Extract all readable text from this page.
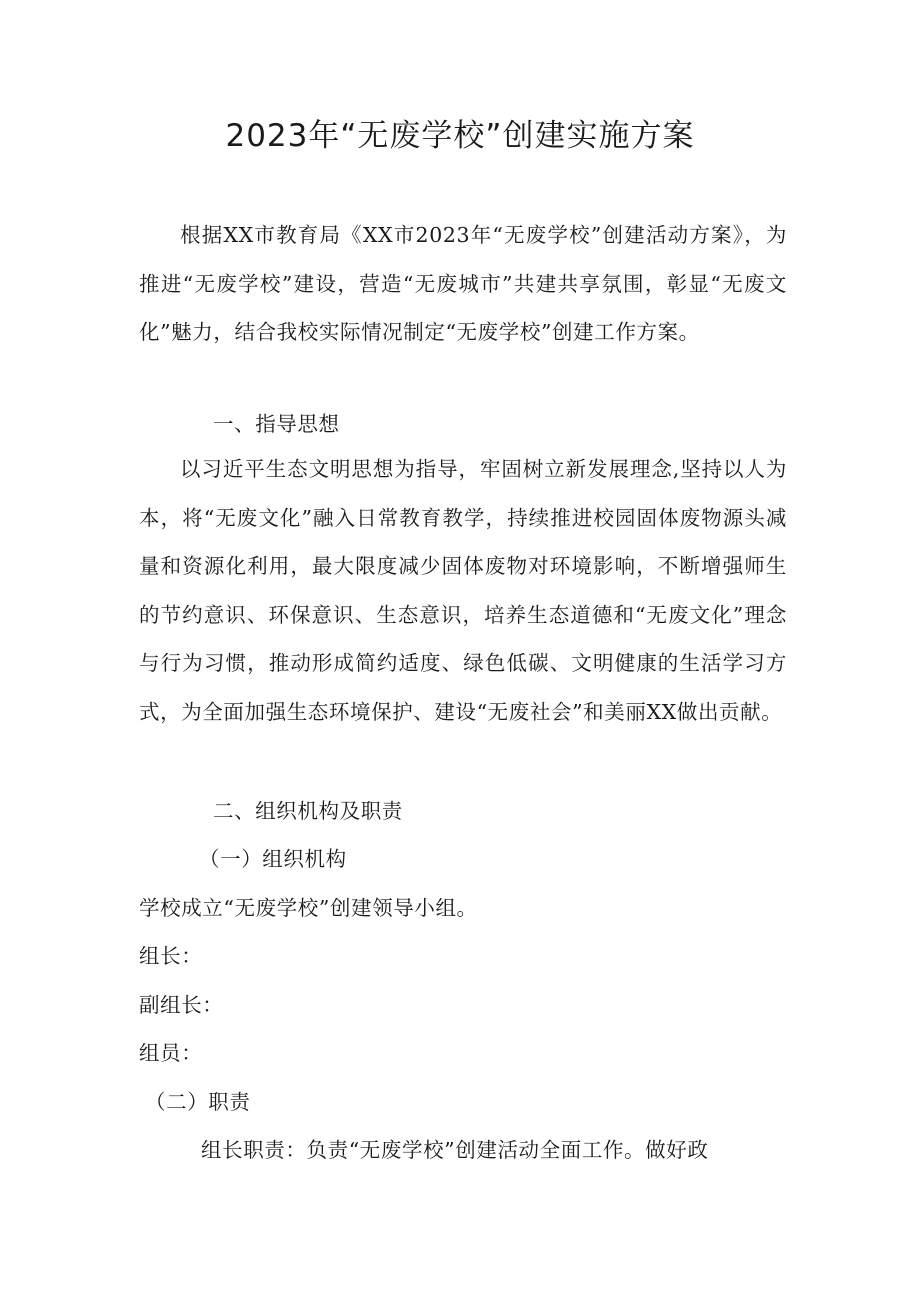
2023年“无废学校”创建实施方案

根据XX市教育局《XX市2023年“无废学校”创建活动方案》，为推进“无废学校”建设，营造“无废城市”共建共享氛围，彰显“无废文化”魅力，结合我校实际情况制定“无废学校”创建工作方案。

一、指导思想

以习近平生态文明思想为指导，牢固树立新发展理念,坚持以人为本，将“无废文化”融入日常教育教学，持续推进校园固体废物源头减量和资源化利用，最大限度减少固体废物对环境影响，不断增强师生的节约意识、环保意识、生态意识，培养生态道德和“无废文化”理念与行为习惯，推动形成简约适度、绿色低碳、文明健康的生活学习方式，为全面加强生态环境保护、建设“无废社会”和美丽XX做出贡献。

二、组织机构及职责

（一）组织机构

学校成立“无废学校”创建领导小组。

组长：

副组长：

组员：

（二）职责

组长职责：负责“无废学校”创建活动全面工作。做好政
